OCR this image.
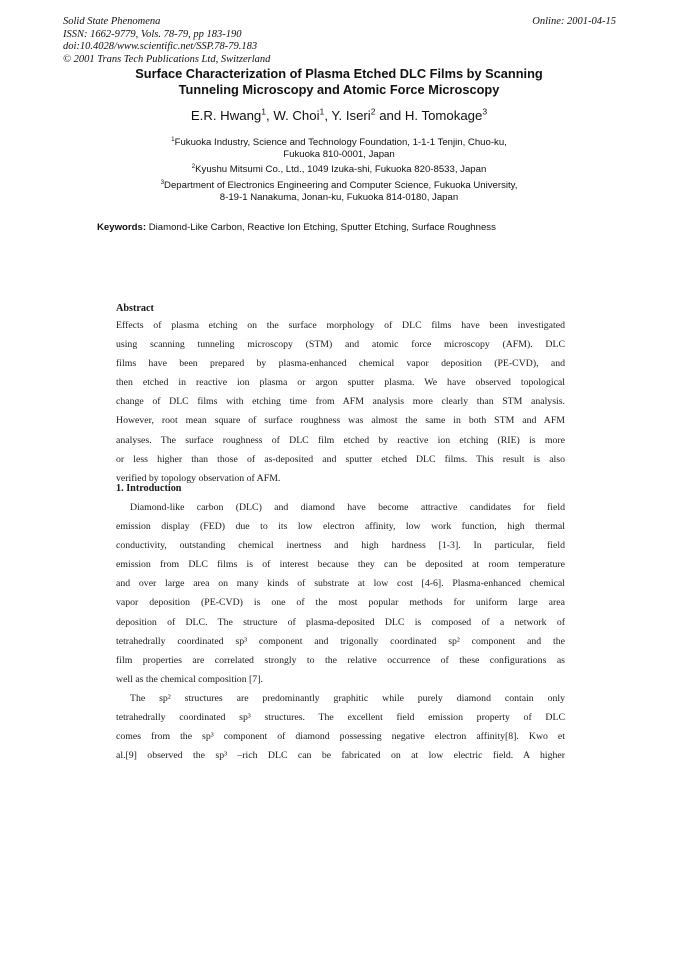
Solid State Phenomena
ISSN: 1662-9779, Vols. 78-79, pp 183-190
doi:10.4028/www.scientific.net/SSP.78-79.183
© 2001 Trans Tech Publications Ltd, Switzerland
Online: 2001-04-15
Surface Characterization of Plasma Etched DLC Films by Scanning
Tunneling Microscopy and Atomic Force Microscopy
E.R. Hwang$^1$, W. Choi$^1$, Y. Iseri$^2$ and H. Tomokage$^3$
$^1$Fukuoka Industry, Science and Technology Foundation, 1-1-1 Tenjin, Chuo-ku,
Fukuoka 810-0001, Japan
$^2$Kyushu Mitsumi Co., Ltd., 1049 Izuka-shi, Fukuoka 820-8533, Japan
$^3$Department of Electronics Engineering and Computer Science, Fukuoka University,
8-19-1 Nanakuma, Jonan-ku, Fukuoka 814-0180, Japan
Keywords: Diamond-Like Carbon, Reactive Ion Etching, Sputter Etching, Surface Roughness
Abstract
Effects of plasma etching on the surface morphology of DLC films have been investigated
using scanning tunneling microscopy (STM) and atomic force microscopy (AFM). DLC
films have been prepared by plasma-enhanced chemical vapor deposition (PE-CVD), and
then etched in reactive ion plasma or argon sputter plasma. We have observed topological
change of DLC films with etching time from AFM analysis more clearly than STM analysis.
However, root mean square of surface roughness was almost the same in both STM and AFM
analyses. The surface roughness of DLC film etched by reactive ion etching (RIE) is more
or less higher than those of as-deposited and sputter etched DLC films. This result is also
verified by topology observation of AFM.
1. Introduction
Diamond-like carbon (DLC) and diamond have become attractive candidates for field
emission display (FED) due to its low electron affinity, low work function, high thermal
conductivity, outstanding chemical inertness and high hardness [1-3]. In particular, field
emission from DLC films is of interest because they can be deposited at room temperature
and over large area on many kinds of substrate at low cost [4-6]. Plasma-enhanced chemical
vapor deposition (PE-CVD) is one of the most popular methods for uniform large area
deposition of DLC. The structure of plasma-deposited DLC is composed of a network of
tetrahedrally coordinated sp³ component and trigonally coordinated sp² component and the
film properties are correlated strongly to the relative occurrence of these configurations as
well as the chemical composition [7].
The sp² structures are predominantly graphitic while purely diamond contain only
tetrahedrally coordinated sp³ structures. The excellent field emission property of DLC
comes from the sp³ component of diamond possessing negative electron affinity[8]. Kwo et
al.[9] observed the sp³ –rich DLC can be fabricated on at low electric field. A higher
